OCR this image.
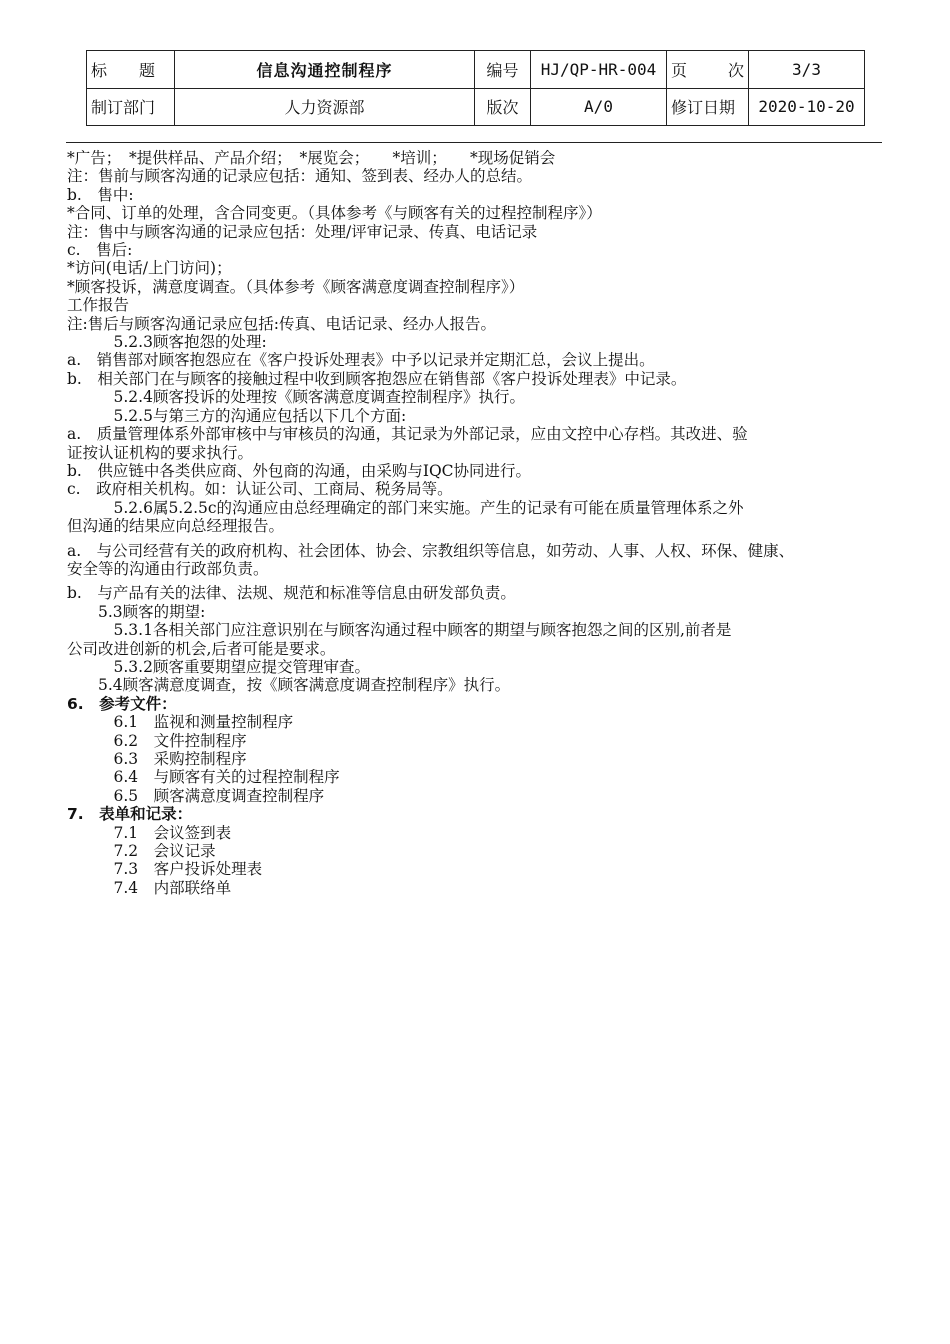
标　　题	信息沟通控制程序	编号	HJ/QP-HR-004	页 次	3/3
制订部门	人力资源部	版次	A/0	修订日期	2020-10-20
*广告；　*提供样品、产品介绍；　*展览会；　　*培训；　　*现场促销会
注：售前与顾客沟通的记录应包括：通知、签到表、经办人的总结。
b.　售中:
*合同、订单的处理，含合同变更。（具体参考《与顾客有关的过程控制程序》）
注：售中与顾客沟通的记录应包括：处理/评审记录、传真、电话记录
c.　售后:
*访问(电话/上门访问)；
*顾客投诉，满意度调查。（具体参考《顾客满意度调查控制程序》）
工作报告
注:售后与顾客沟通记录应包括:传真、电话记录、经办人报告。
　　　5.2.3顾客抱怨的处理:
a.　销售部对顾客抱怨应在《客户投诉处理表》中予以记录并定期汇总，会议上提出。
b.　相关部门在与顾客的接触过程中收到顾客抱怨应在销售部《客户投诉处理表》中记录。
　　　5.2.4顾客投诉的处理按《顾客满意度调查控制程序》执行。
　　　5.2.5与第三方的沟通应包括以下几个方面:
a.　质量管理体系外部审核中与审核员的沟通，其记录为外部记录，应由文控中心存档。其改进、验
证按认证机构的要求执行。
b.　供应链中各类供应商、外包商的沟通，由采购与IQC协同进行。
c.　政府相关机构。如：认证公司、工商局、税务局等。
　　　5.2.6属5.2.5c的沟通应由总经理确定的部门来实施。产生的记录有可能在质量管理体系之外
但沟通的结果应向总经理报告。
a.　与公司经营有关的政府机构、社会团体、协会、宗教组织等信息，如劳动、人事、人权、环保、健康、
安全等的沟通由行政部负责。
b.　与产品有关的法律、法规、规范和标准等信息由研发部负责。
　　5.3顾客的期望:
　　　5.3.1各相关部门应注意识别在与顾客沟通过程中顾客的期望与顾客抱怨之间的区别,前者是
公司改进创新的机会,后者可能是要求。
　　　5.3.2顾客重要期望应提交管理审查。
　　5.4顾客满意度调查，按《顾客满意度调查控制程序》执行。
6.　参考文件：
　　　6.1　监视和测量控制程序
　　　6.2　文件控制程序
　　　6.3　采购控制程序
　　　6.4　与顾客有关的过程控制程序
　　　6.5　顾客满意度调查控制程序
7.　表单和记录：
　　　7.1　会议签到表
　　　7.2　会议记录
　　　7.3　客户投诉处理表
　　　7.4　内部联络单
